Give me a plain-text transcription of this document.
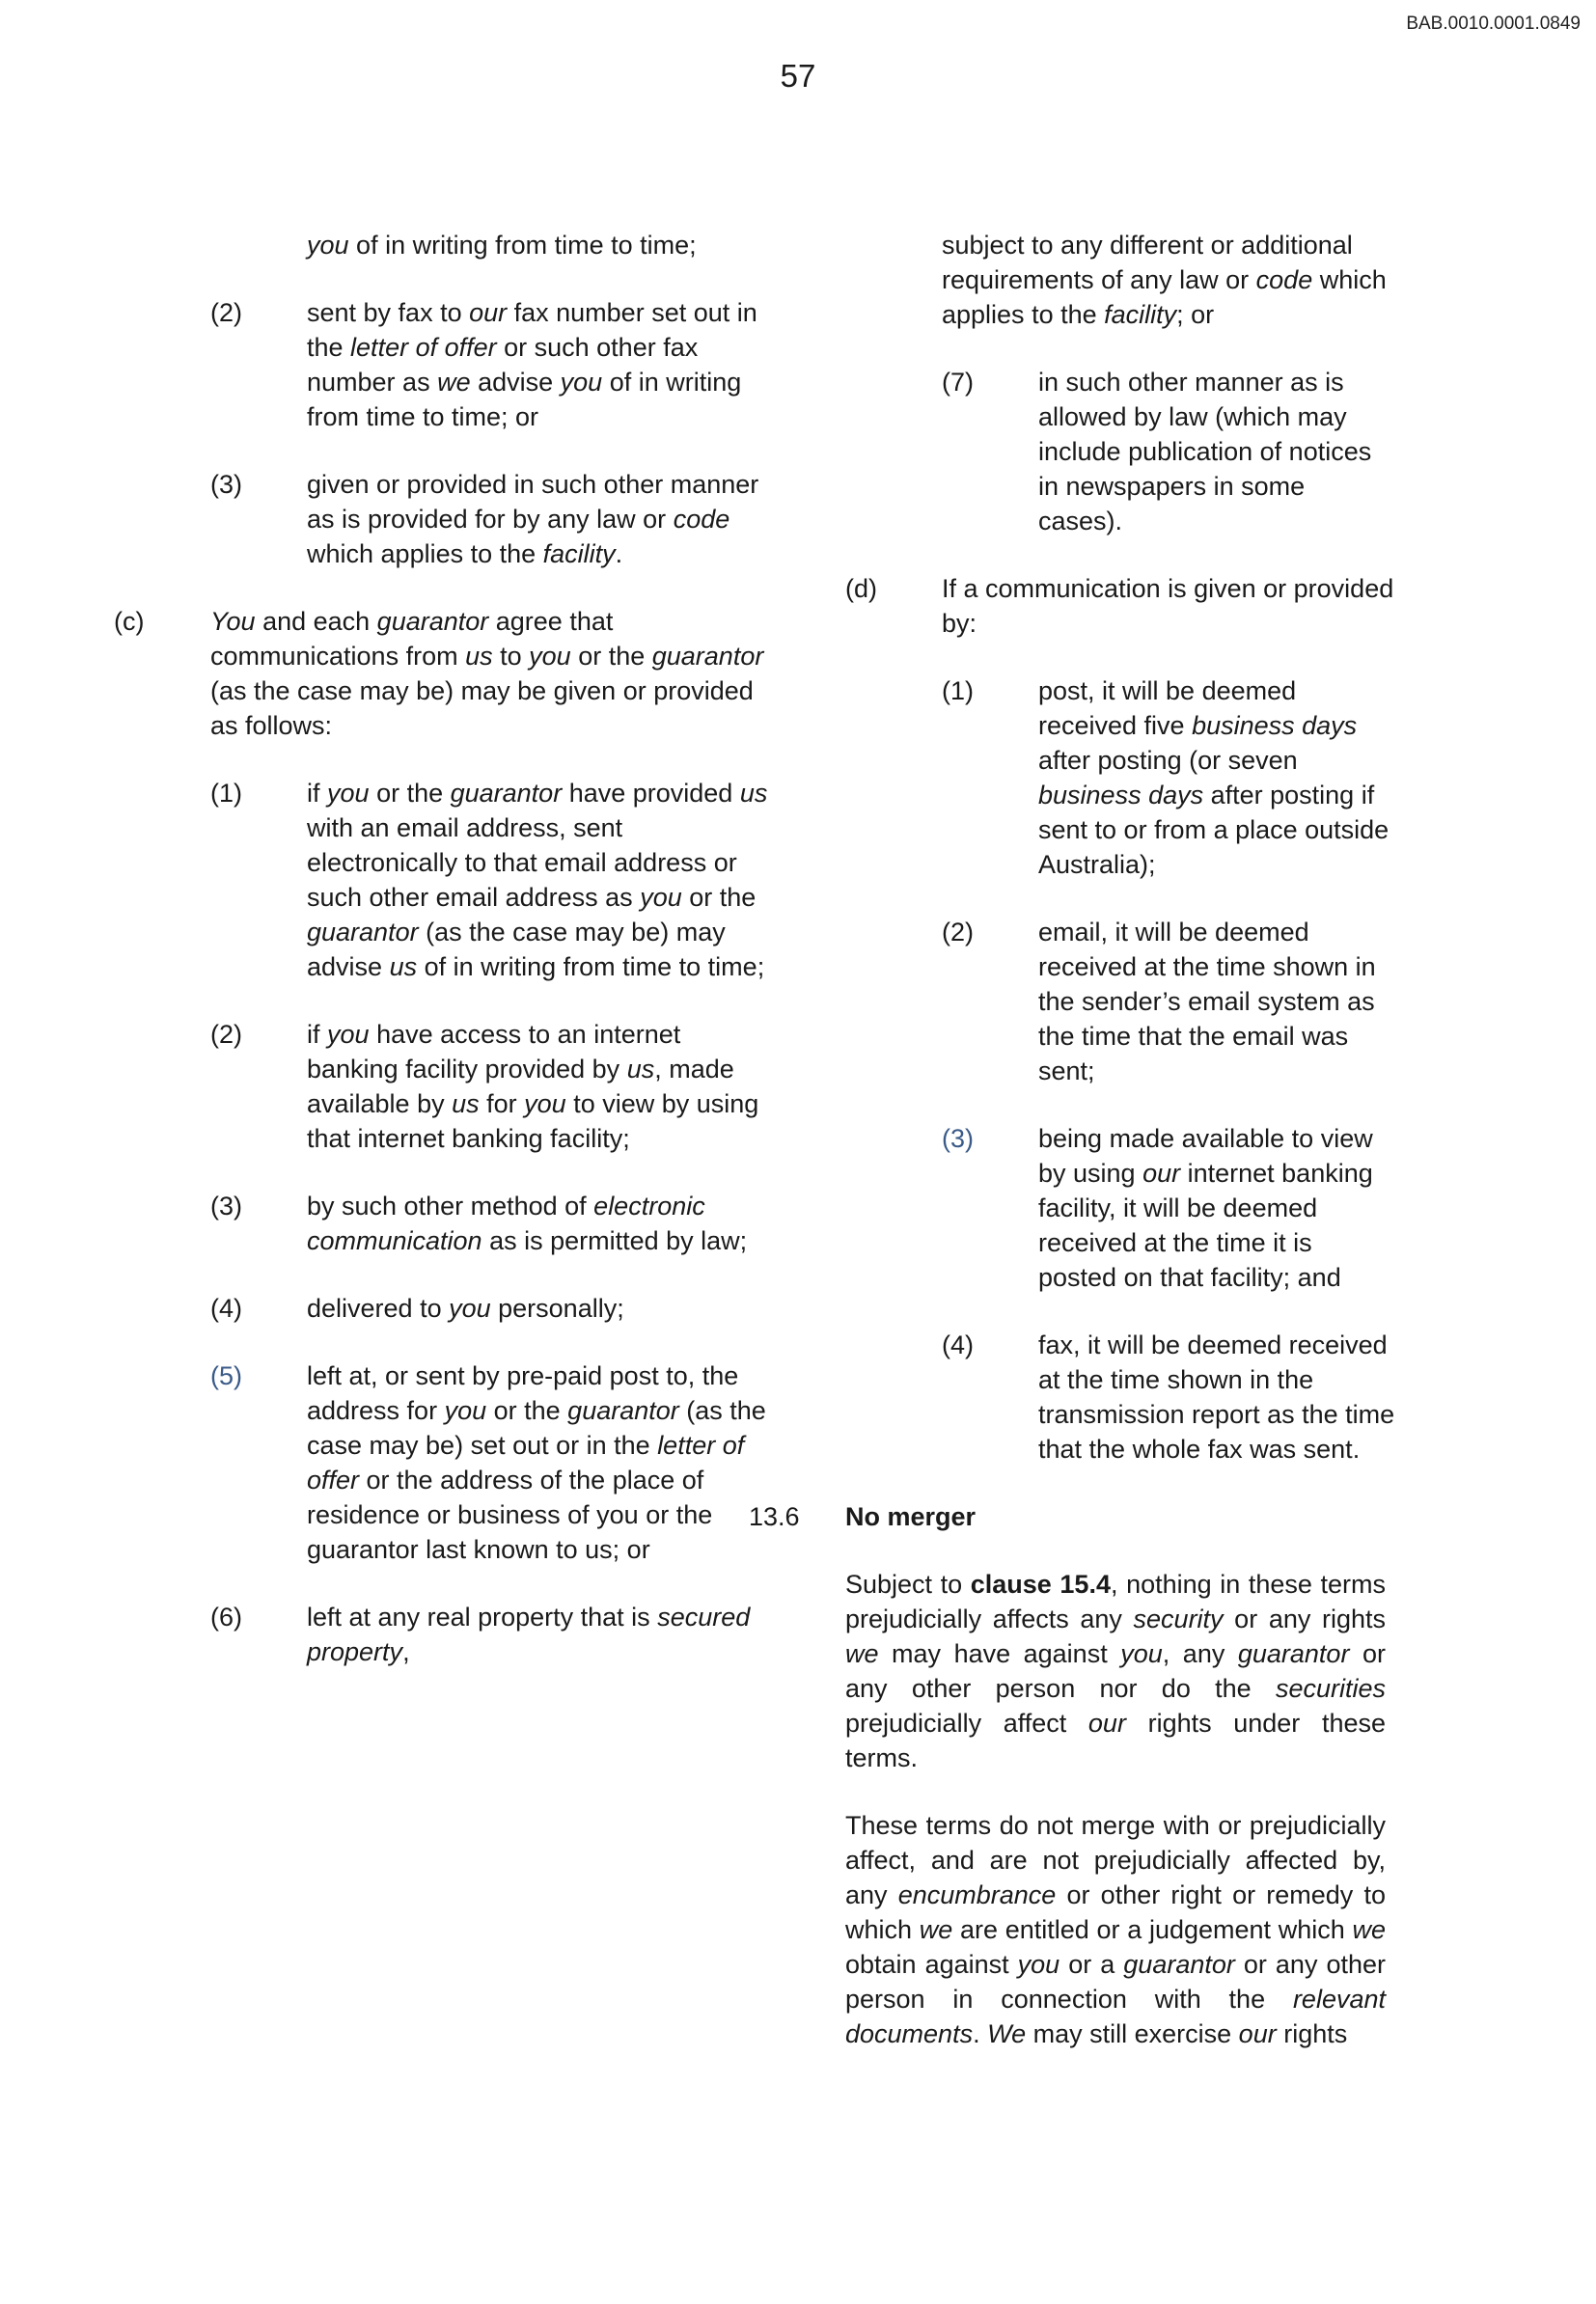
BAB.0010.0001.0849
57
you of in writing from time to time;
(2)	sent by fax to our fax number set out in the letter of offer or such other fax number as we advise you of in writing from time to time; or
(3)	given or provided in such other manner as is provided for by any law or code which applies to the facility.
(c)	You and each guarantor agree that communications from us to you or the guarantor (as the case may be) may be given or provided as follows:
(1)	if you or the guarantor have provided us with an email address, sent electronically to that email address or such other email address as you or the guarantor (as the case may be) may advise us of in writing from time to time;
(2)	if you have access to an internet banking facility provided by us, made available by us for you to view by using that internet banking facility;
(3)	by such other method of electronic communication as is permitted by law;
(4)	delivered to you personally;
(5)	left at, or sent by pre-paid post to, the address for you or the guarantor (as the case may be) set out or in the letter of offer or the address of the place of residence or business of you or the guarantor last known to us; or
(6)	left at any real property that is secured property,
subject to any different or additional requirements of any law or code which applies to the facility; or
(7)	in such other manner as is allowed by law (which may include publication of notices in newspapers in some cases).
(d)	If a communication is given or provided by:
(1)	post, it will be deemed received five business days after posting (or seven business days after posting if sent to or from a place outside Australia);
(2)	email, it will be deemed received at the time shown in the sender’s email system as the time that the email was sent;
(3)	being made available to view by using our internet banking facility, it will be deemed received at the time it is posted on that facility; and
(4)	fax, it will be deemed received at the time shown in the transmission report as the time that the whole fax was sent.
13.6	No merger
Subject to clause 15.4, nothing in these terms prejudicially affects any security or any rights we may have against you, any guarantor or any other person nor do the securities prejudicially affect our rights under these terms.
These terms do not merge with or prejudicially affect, and are not prejudicially affected by, any encumbrance or other right or remedy to which we are entitled or a judgement which we obtain against you or a guarantor or any other person in connection with the relevant documents. We may still exercise our rights
